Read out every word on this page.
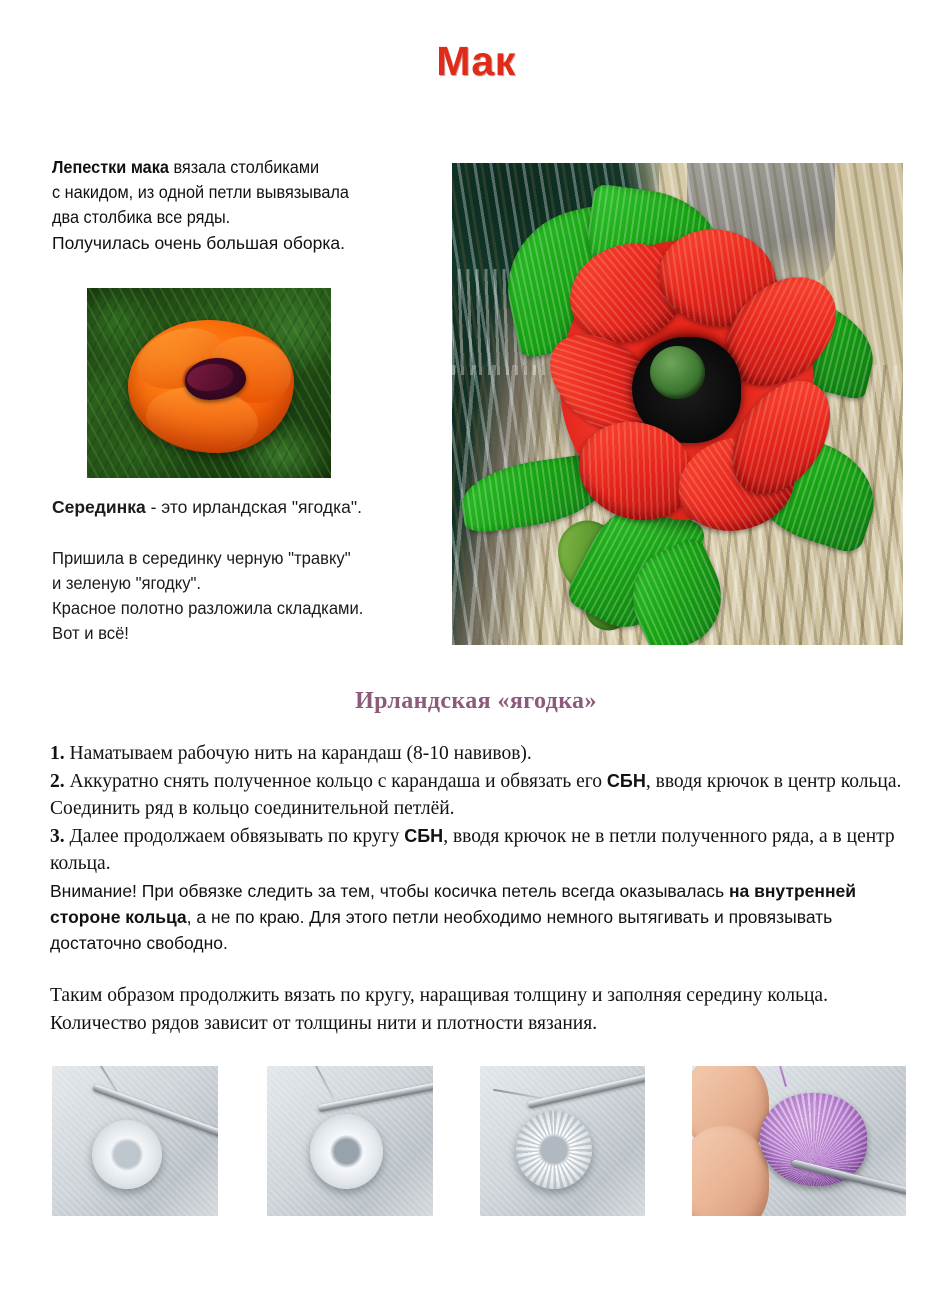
Мак
Лепестки мака вязала столбиками
с накидом, из одной петли вывязывала
два столбика все ряды.
Получилась очень большая оборка.
Серединка - это ирландская "ягодка".
Пришила в серединку черную "травку"
и зеленую "ягодку".
Красное полотно разложила складками.
Вот и всё!
Ирландская «ягодка»
1. Наматываем рабочую нить на карандаш (8-10 навивов).
2. Аккуратно снять полученное кольцо с карандаша и обвязать его СБН, вводя крючок в центр кольца. Соединить ряд в кольцо соединительной петлёй.
3. Далее продолжаем обвязывать по кругу СБН, вводя крючок не в петли полученного ряда, а в центр кольца.
Внимание! При обвязке следить за тем, чтобы косичка петель всегда оказывалась на внутренней стороне кольца, а не по краю. Для этого петли необходимо немного вытягивать и провязывать достаточно свободно.
Таким образом продолжить вязать по кругу, наращивая толщину и заполняя середину кольца. Количество рядов зависит от толщины нити и плотности вязания.
